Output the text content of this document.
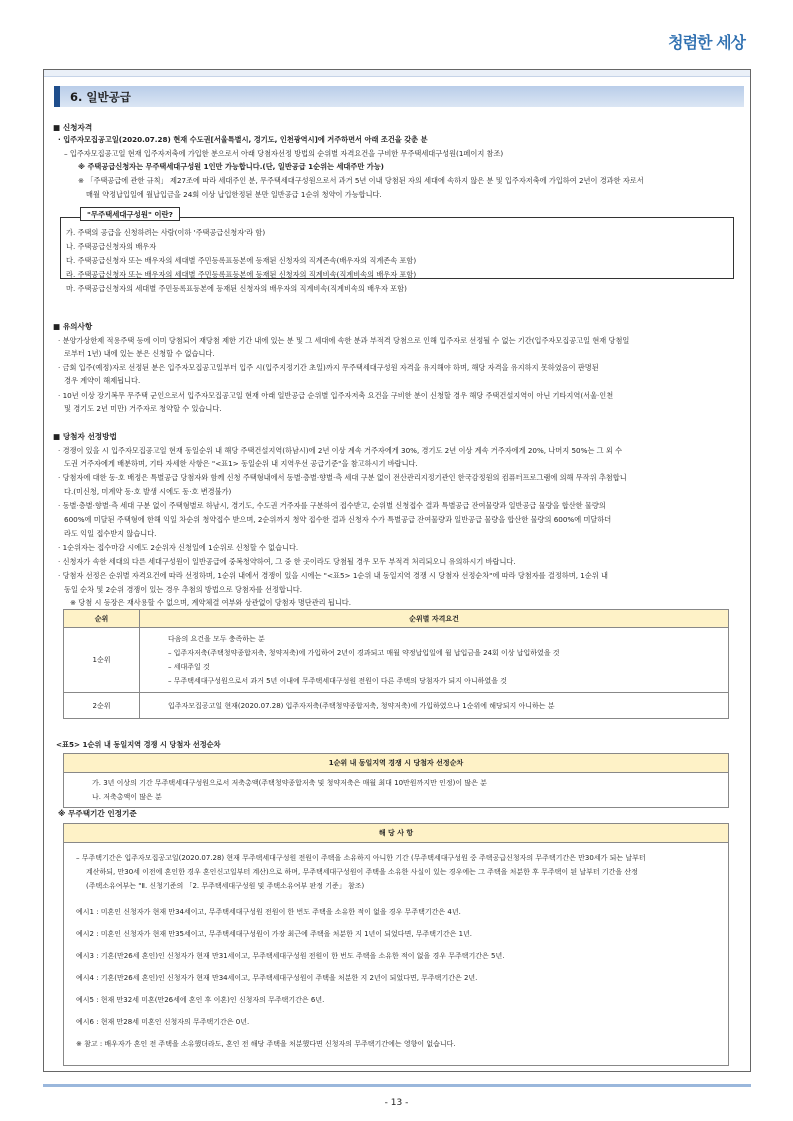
청렴한 세상
6. 일반공급
■ 신청자격
· 입주자모집공고일(2020.07.28) 현재 수도권[서울특별시, 경기도, 인천광역시]에 거주하면서 아래 조건을 갖춘 분
– 입주자모집공고일 현재 입주자저축에 가입한 분으로서 아래 당첨자선정 방법의 순위별 자격요건을 구비한 무주택세대구성원(1페이지 참조)
※ 주택공급신청자는 무주택세대구성원 1인만 가능합니다.(단, 일반공급 1순위는 세대주만 가능)
※ 「주택공급에 관한 규칙」 제27조에 따라 세대주인 분, 무주택세대구성원으로서 과거 5년 이내 당첨된 자의 세대에 속하지 않은 분 및 입주자저축에 가입하여 2년이 경과한 자로서
매월 약정납입일에 월납입금을 24회 이상 납입한정된 분만 일반공급 1순위 청약이 가능합니다.
"무주택세대구성원" 이란?
가. 주택의 공급을 신청하려는 사람(이하 '주택공급신청자'라 함)
나. 주택공급신청자의 배우자
다. 주택공급신청자 또는 배우자의 세대별 주민등록표등본에 등재된 신청자의 직계존속(배우자의 직계존속 포함)
라. 주택공급신청자 또는 배우자의 세대별 주민등록표등본에 등재된 신청자의 직계비속(직계비속의 배우자 포함)
마. 주택공급신청자의 세대별 주민등록표등본에 등재된 신청자의 배우자의 직계비속(직계비속의 배우자 포함)
■ 유의사항
· 분양가상한제 적용주택 등에 이미 당첨되어 재당첨 제한 기간 내에 있는 분 및 그 세대에 속한 분과 부적격 당첨으로 인해 입주자로 선정될 수 없는 기간(입주자모집공고일 현재 당첨일
로부터 1년) 내에 있는 분은 신청할 수 없습니다.
· 금회 입주(예정)자로 선정된 분은 입주자모집공고일부터 입주 시(입주지정기간 초일)까지 무주택세대구성원 자격을 유지해야 하며, 해당 자격을 유지하지 못하였음이 판명된
경우 계약이 해제됩니다.
· 10년 이상 장기복무 무주택 군인으로서 입주자모집공고일 현재 아래 일반공급 순위별 입주자저축 요건을 구비한 분이 신청할 경우 해당 주택건설지역이 아닌 기타지역(서울·인천
및 경기도 2년 미만) 거주자로 청약할 수 있습니다.
■ 당첨자 선정방법
· 경쟁이 있을 시 입주자모집공고일 현재 동일순위 내 해당 주택건설지역(하남시)에 2년 이상 계속 거주자에게 30%, 경기도 2년 이상 계속 거주자에게 20%, 나머지 50%는 그 외 수
도권 거주자에게 배분하며, 기타 자세한 사항은 "<표1> 동일순위 내 지역우선 공급기준"을 참고하시기 바랍니다.
· 당첨자에 대한 동·호 배정은 특별공급 당첨자와 함께 신청 주택형내에서 동별·층별·향별·측 세대 구분 없이 전산관리지정기관인 한국감정원의 컴퓨터프로그램에 의해 무작위 추첨합니
다.(미신청, 미계약 동·호 발생 시에도 동·호 변경불가)
· 동별·층별·향별·측 세대 구분 없이 주택형별로 하남시, 경기도, 수도권 거주자를 구분하여 접수받고, 순위별 신청접수 결과 특별공급 잔여물량과 일반공급 물량을 합산한 물량의
600%에 미달된 주택형에 한해 익일 차순위 청약접수 받으며, 2순위까지 청약 접수한 결과 신청자 수가 특별공급 잔여물량과 일반공급 물량을 합산한 물량의 600%에 미달하더
라도 익일 접수받지 않습니다.
· 1순위자는 접수마감 시에도 2순위자 신청일에 1순위로 신청할 수 없습니다.
· 신청자가 속한 세대의 다른 세대구성원이 일반공급에 중복청약하여, 그 중 한 곳이라도 당첨될 경우 모두 부적격 처리되오니 유의하시기 바랍니다.
· 당첨자 선정은 순위별 자격요건에 따라 선정하며, 1순위 내에서 경쟁이 있을 시에는 "<표5> 1순위 내 동일지역 경쟁 시 당첨자 선정순차"에 따라 당첨자를 결정하며, 1순위 내
동일 순차 및 2순위 경쟁이 있는 경우 추첨의 방법으로 당첨자를 선정합니다.
※ 당첨 시 등장은 재사용할 수 없으며, 계약체결 여부와 상관없이 당첨자 명단관리 됩니다.
순위	순위별 자격요건
1순위	다음의 요건을 모두 충족하는 분
– 입주자저축(주택청약종합저축, 청약저축)에 가입하여 2년이 경과되고 매월 약정납입일에 월 납입금을 24회 이상 납입하였을 것
– 세대주일 것
– 무주택세대구성원으로서 과거 5년 이내에 무주택세대구성원 전원이 다른 주택의 당첨자가 되지 아니하였을 것

2순위	입주자모집공고일 현재(2020.07.28) 입주자저축(주택청약종합저축, 청약저축)에 가입하였으나 1순위에 해당되지 아니하는 분
<표5> 1순위 내 동일지역 경쟁 시 당첨자 선정순차
1순위 내 동일지역 경쟁 시 당첨자 선정순차

가. 3년 이상의 기간 무주택세대구성원으로서 저축총액(주택청약종합저축 및 청약저축은 매월 최대 10만원까지만 인정)이 많은 분
나. 저축총액이 많은 분
※ 무주택기간 인정기준
해 당 사 항

– 무주택기간은 입주자모집공고일(2020.07.28) 현재 무주택세대구성원 전원이 주택을 소유하지 아니한 기간 (무주택세대구성원 중 주택공급신청자의 무주택기간은 만30세가 되는 날부터
계산하되, 만30세 이전에 혼인한 경우 혼인신고일부터 계산)으로 하며, 무주택세대구성원이 주택을 소유한 사실이 있는 경우에는 그 주택을 처분한 후 무주택이 된 날부터 기간을 산정
(주택소유여부는 "Ⅱ. 신청기준의 「2. 무주택세대구성원 및 주택소유여부 판정 기준」 참조)
예시1 : 미혼인 신청자가 현재 만34세이고, 무주택세대구성원 전원이 한 번도 주택을 소유한 적이 없을 경우 무주택기간은 4년.
예시2 : 미혼인 신청자가 현재 만35세이고, 무주택세대구성원이 가장 최근에 주택을 처분한 지 1년이 되었다면, 무주택기간은 1년.
예시3 : 기혼(만26세 혼인)인 신청자가 현재 만31세이고, 무주택세대구성원 전원이 한 번도 주택을 소유한 적이 없을 경우 무주택기간은 5년.
예시4 : 기혼(만26세 혼인)인 신청자가 현재 만34세이고, 무주택세대구성원이 주택을 처분한 지 2년이 되었다면, 무주택기간은 2년.
예시5 : 현재 만32세 미혼(만26세에 혼인 후 이혼)인 신청자의 무주택기간은 6년.
예시6 : 현재 만28세 미혼인 신청자의 무주택기간은 0년.
※ 참고 : 배우자가 혼인 전 주택을 소유했더라도, 혼인 전 해당 주택을 처분했다면 신청자의 무주택기간에는 영향이 없습니다.
- 13 -
